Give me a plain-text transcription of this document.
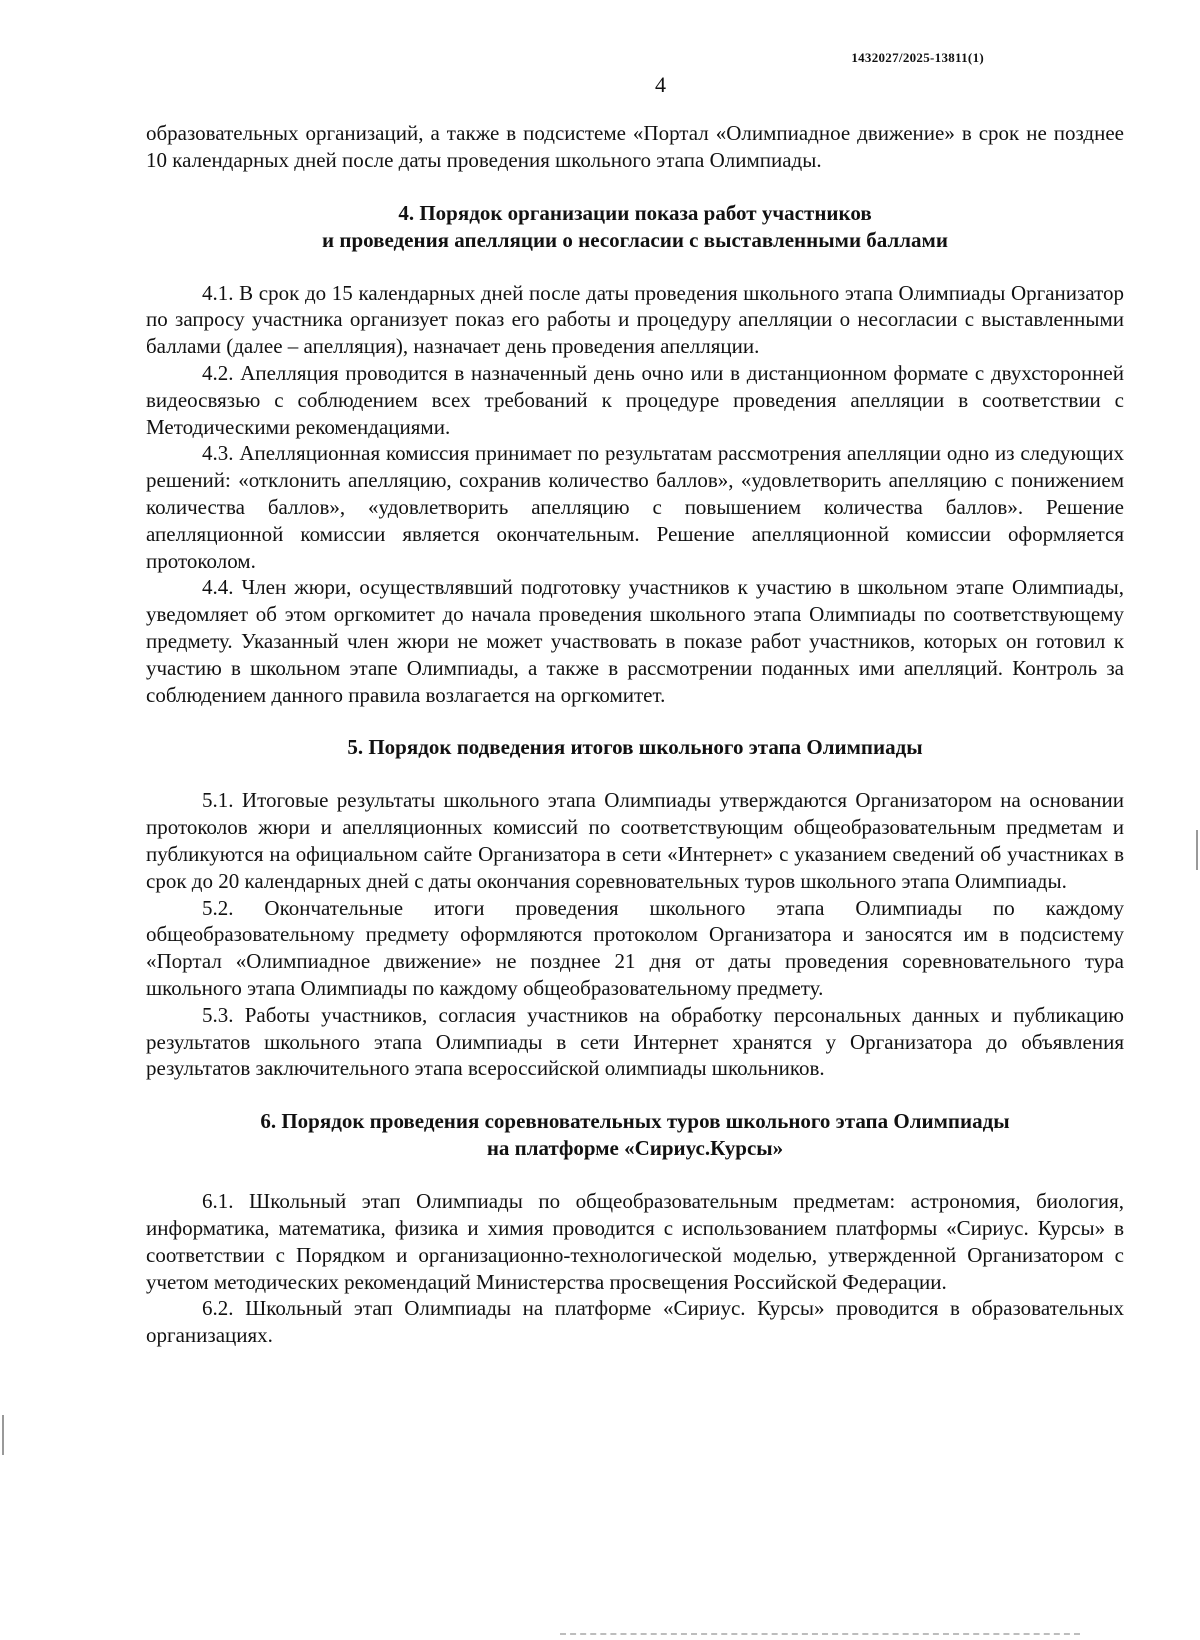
1432027/2025-13811(1)
4

образовательных организаций, а также в подсистеме «Портал «Олимпиадное движение» в срок не позднее 10 календарных дней после даты проведения школьного этапа Олимпиады.

4. Порядок организации показа работ участников
и проведения апелляции о несогласии с выставленными баллами

4.1. В срок до 15 календарных дней после даты проведения школьного этапа Олимпиады Организатор по запросу участника организует показ его работы и процедуру апелляции о несогласии с выставленными баллами (далее – апелляция), назначает день проведения апелляции.

4.2. Апелляция проводится в назначенный день очно или в дистанционном формате с двухсторонней видеосвязью с соблюдением всех требований к процедуре проведения апелляции в соответствии с Методическими рекомендациями.

4.3. Апелляционная комиссия принимает по результатам рассмотрения апелляции одно из следующих решений: «отклонить апелляцию, сохранив количество баллов», «удовлетворить апелляцию с понижением количества баллов», «удовлетворить апелляцию с повышением количества баллов». Решение апелляционной комиссии является окончательным. Решение апелляционной комиссии оформляется протоколом.

4.4. Член жюри, осуществлявший подготовку участников к участию в школьном этапе Олимпиады, уведомляет об этом оргкомитет до начала проведения школьного этапа Олимпиады по соответствующему предмету. Указанный член жюри не может участвовать в показе работ участников, которых он готовил к участию в школьном этапе Олимпиады, а также в рассмотрении поданных ими апелляций. Контроль за соблюдением данного правила возлагается на оргкомитет.

5. Порядок подведения итогов школьного этапа Олимпиады

5.1. Итоговые результаты школьного этапа Олимпиады утверждаются Организатором на основании протоколов жюри и апелляционных комиссий по соответствующим общеобразовательным предметам и публикуются на официальном сайте Организатора в сети «Интернет» с указанием сведений об участниках в срок до 20 календарных дней с даты окончания соревновательных туров школьного этапа Олимпиады.

5.2. Окончательные итоги проведения школьного этапа Олимпиады по каждому общеобразовательному предмету оформляются протоколом Организатора и заносятся им в подсистему «Портал «Олимпиадное движение» не позднее 21 дня от даты проведения соревновательного тура школьного этапа Олимпиады по каждому общеобразовательному предмету.

5.3. Работы участников, согласия участников на обработку персональных данных и публикацию результатов школьного этапа Олимпиады в сети Интернет хранятся у Организатора до объявления результатов заключительного этапа всероссийской олимпиады школьников.

6. Порядок проведения соревновательных туров школьного этапа Олимпиады
на платформе «Сириус.Курсы»

6.1. Школьный этап Олимпиады по общеобразовательным предметам: астрономия, биология, информатика, математика, физика и химия проводится с использованием платформы «Сириус. Курсы» в соответствии с Порядком и организационно-технологической моделью, утвержденной Организатором с учетом методических рекомендаций Министерства просвещения Российской Федерации.

6.2. Школьный этап Олимпиады на платформе «Сириус. Курсы» проводится в образовательных организациях.
